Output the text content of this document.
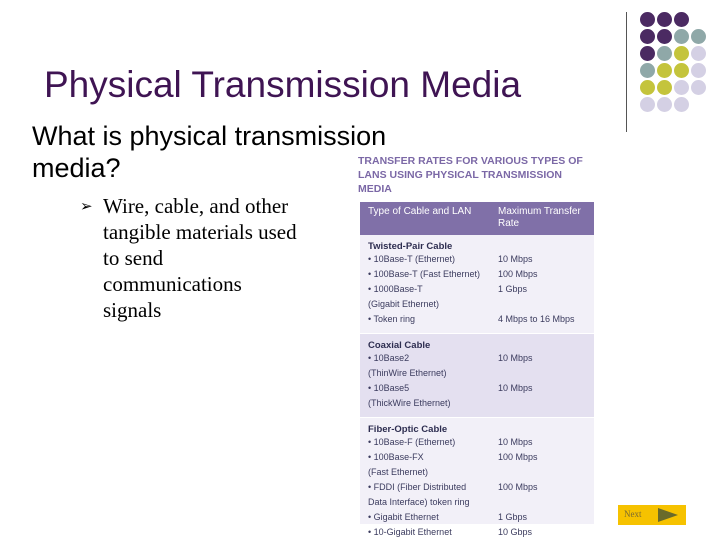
Physical Transmission Media
What is physical transmission media?
➢ Wire, cable, and other tangible materials used to send communications signals
TRANSFER RATES FOR VARIOUS TYPES OF LANS USING PHYSICAL TRANSMISSION MEDIA
Type of Cable and LAN	Maximum Transfer Rate
Twisted-Pair Cable
• 10Base-T (Ethernet)	10 Mbps
• 100Base-T (Fast Ethernet)	100 Mbps
• 1000Base-T	1 Gbps
(Gigabit Ethernet)
• Token ring	4 Mbps to 16 Mbps
Coaxial Cable
• 10Base2	10 Mbps
(ThinWire Ethernet)
• 10Base5	10 Mbps
(ThickWire Ethernet)
Fiber-Optic Cable
• 10Base-F (Ethernet)	10 Mbps
• 100Base-FX	100 Mbps
(Fast Ethernet)
• FDDI (Fiber Distributed	100 Mbps
Data Interface) token ring
• Gigabit Ethernet	1 Gbps
• 10-Gigabit Ethernet	10 Gbps
Next
